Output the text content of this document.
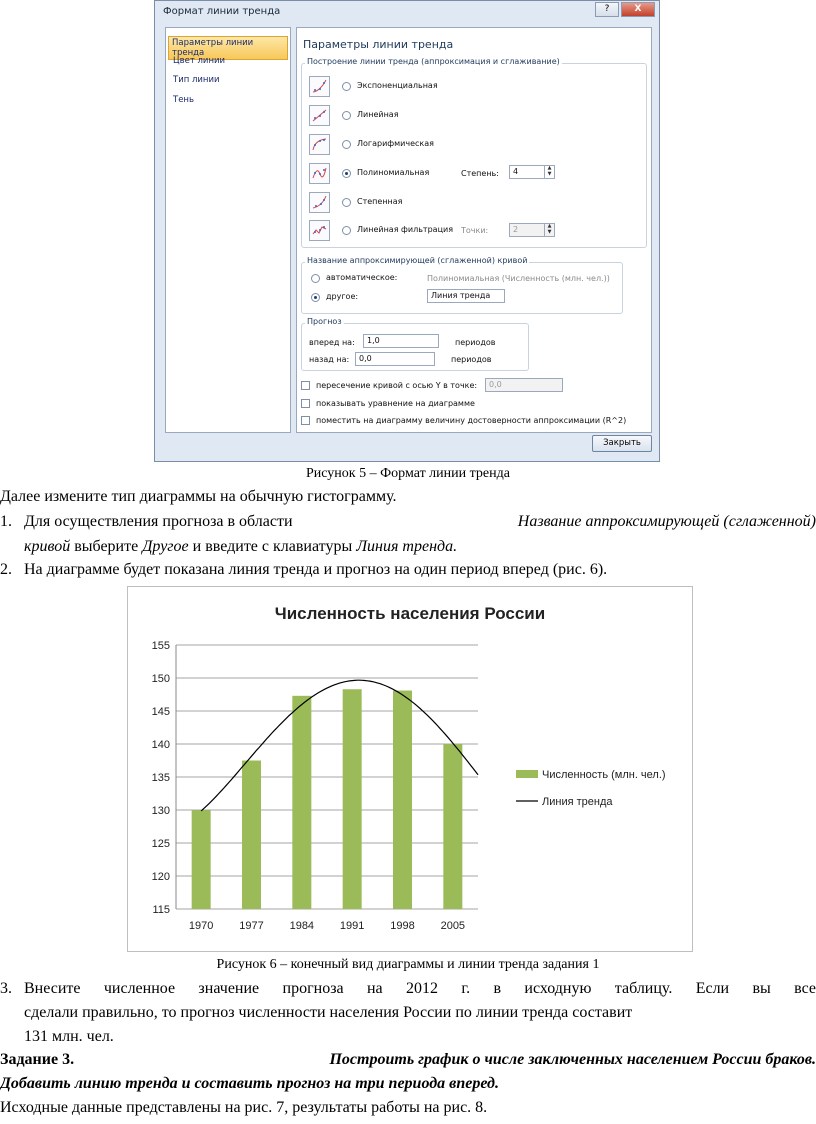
Формат линии тренда	?	X
Параметры линии тренда
Цвет линии
Тип линии
Тень
Параметры линии тренда
Построение линии тренда (аппроксимация и сглаживание)
Экспоненциальная
Линейная
Логарифмическая
Полиномиальная	Степень:	4	▲
▼
Степенная
Линейная фильтрация Точки:	2	▲
▼
Название аппроксимирующей (сглаженной) кривой
автоматическое:	Полиномиальная (Численность (млн. чел.))
другое:	Линия тренда
Прогноз
вперед на:	1,0	периодов
назад на:	0,0	периодов
пересечение кривой с осью Y в точке:	0,0
показывать уравнение на диаграмме
поместить на диаграмму величину достоверности аппроксимации (R^2)
Закрыть
Рисунок 5 – Формат линии тренда
Далее измените тип диаграммы на обычную гистограмму.
1. Для осуществления прогноза в области	Название аппроксимирующей (сглаженной)
кривой выберите Другое и введите с клавиатуры Линия тренда.
2. На диаграмме будет показана линия тренда и прогноз на один период вперед (рис. 6).
Численность населения России
115
120
125
130
135
140
145
150
155
1970 1977 1984 1991 1998 2005
Численность (млн. чел.)
Линия тренда
Рисунок 6 – конечный вид диаграммы и линии тренда задания 1
3. Внесите численное значение прогноза на 2012 г. в исходную таблицу. Если вы все
сделали правильно, то прогноз численности населения России по линии тренда составит
131 млн. чел.
Задание 3.	Построить график о числе заключенных населением России браков.
Добавить линию тренда и составить прогноз на три периода вперед.
Исходные данные представлены на рис. 7, результаты работы на рис. 8.
